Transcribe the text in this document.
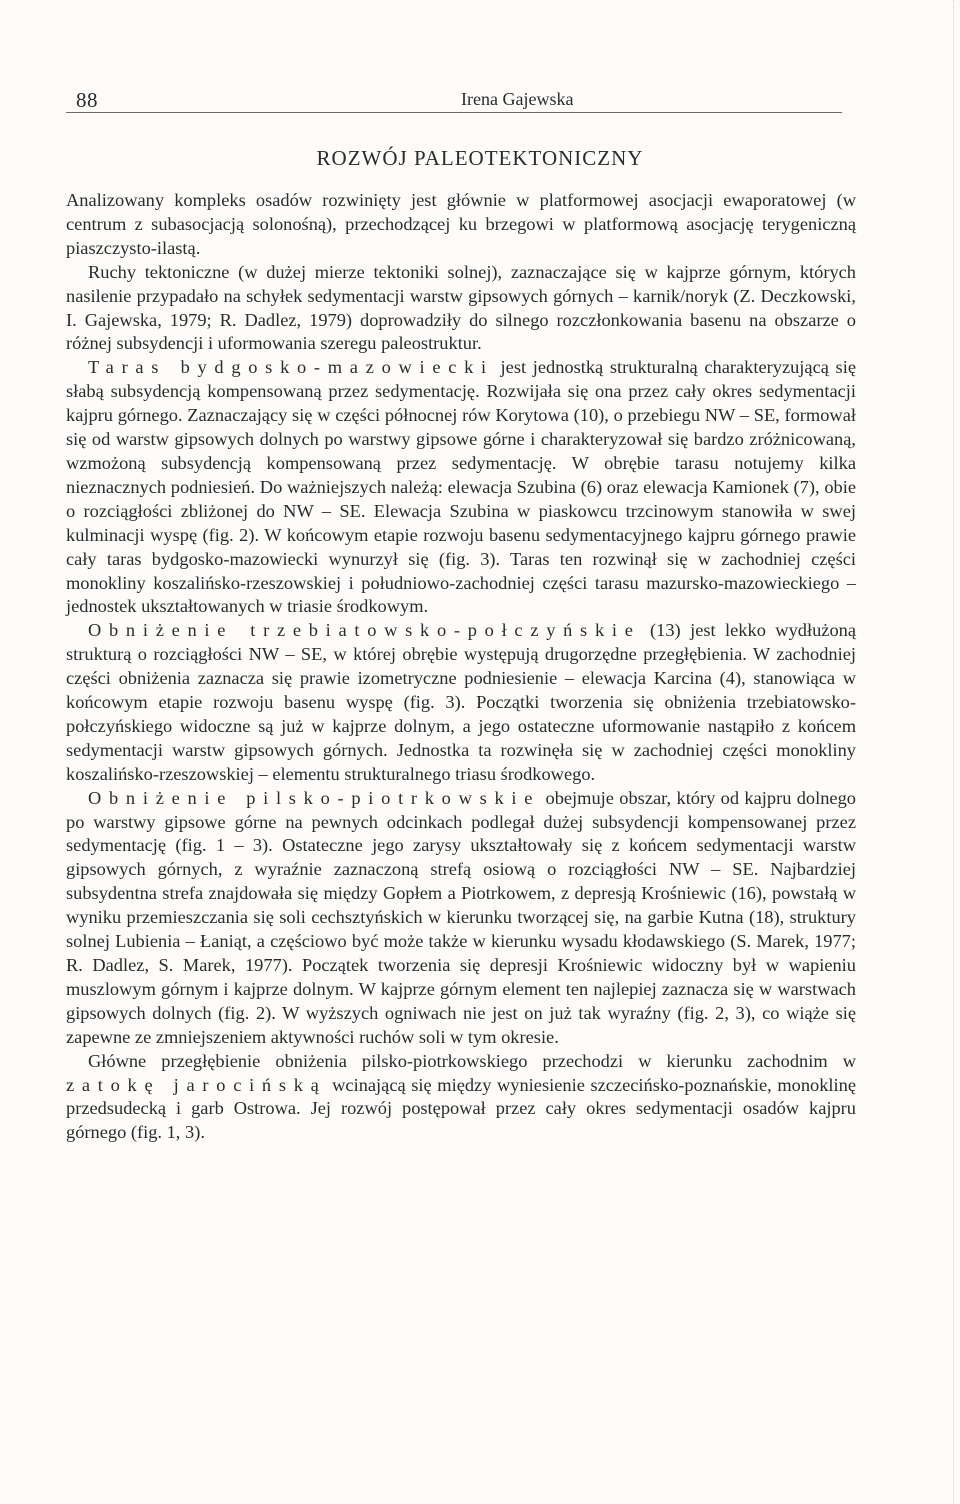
88	Irena Gajewska
ROZWÓJ PALEOTEKTONICZNY

Analizowany kompleks osadów rozwinięty jest głównie w platformowej asocjacji ewaporatowej (w centrum z subasocjacją solonośną), przechodzącej ku brzegowi w platformową asocjację terygeniczną piaszczysto-ilastą.

Ruchy tektoniczne (w dużej mierze tektoniki solnej), zaznaczające się w kajprze górnym, których nasilenie przypadało na schyłek sedymentacji warstw gipsowych górnych – karnik/noryk (Z. Deczkowski, I. Gajewska, 1979; R. Dadlez, 1979) doprowadziły do silnego rozczłonkowania basenu na obszarze o różnej subsydencji i uformowania szeregu paleostruktur.

Taras bydgosko-mazowiecki jest jednostką strukturalną charakteryzującą się słabą subsydencją kompensowaną przez sedymentację. Rozwijała się ona przez cały okres sedymentacji kajpru górnego. Zaznaczający się w części północnej rów Korytowa (10), o przebiegu NW – SE, formował się od warstw gipsowych dolnych po warstwy gipsowe górne i charakteryzował się bardzo zróżnicowaną, wzmożoną subsydencją kompensowaną przez sedymentację. W obrębie tarasu notujemy kilka nieznacznych podniesień. Do ważniejszych należą: elewacja Szubina (6) oraz elewacja Kamionek (7), obie o rozciągłości zbliżonej do NW – SE. Elewacja Szubina w piaskowcu trzcinowym stanowiła w swej kulminacji wyspę (fig. 2). W końcowym etapie rozwoju basenu sedymentacyjnego kajpru górnego prawie cały taras bydgosko-mazowiecki wynurzył się (fig. 3). Taras ten rozwinął się w zachodniej części monokliny koszalińsko-rzeszowskiej i południowo-zachodniej części tarasu mazursko-mazowieckiego – jednostek ukształtowanych w triasie środkowym.

Obniżenie trzebiatowsko-połczyńskie (13) jest lekko wydłużoną strukturą o rozciągłości NW – SE, w której obrębie występują drugorzędne przegłębienia. W zachodniej części obniżenia zaznacza się prawie izometryczne podniesienie – elewacja Karcina (4), stanowiąca w końcowym etapie rozwoju basenu wyspę (fig. 3). Początki tworzenia się obniżenia trzebiatowsko-połczyńskiego widoczne są już w kajprze dolnym, a jego ostateczne uformowanie nastąpiło z końcem sedymentacji warstw gipsowych górnych. Jednostka ta rozwinęła się w zachodniej części monokliny koszalińsko-rzeszowskiej – elementu strukturalnego triasu środkowego.

Obniżenie pilsko-piotrkowskie obejmuje obszar, który od kajpru dolnego po warstwy gipsowe górne na pewnych odcinkach podlegał dużej subsydencji kompensowanej przez sedymentację (fig. 1 – 3). Ostateczne jego zarysy ukształtowały się z końcem sedymentacji warstw gipsowych górnych, z wyraźnie zaznaczoną strefą osiową o rozciągłości NW – SE. Najbardziej subsydentna strefa znajdowała się między Gopłem a Piotrkowem, z depresją Krośniewic (16), powstałą w wyniku przemieszczania się soli cechsztyńskich w kierunku tworzącej się, na garbie Kutna (18), struktury solnej Lubienia – Łaniąt, a częściowo być może także w kierunku wysadu kłodawskiego (S. Marek, 1977; R. Dadlez, S. Marek, 1977). Początek tworzenia się depresji Krośniewic widoczny był w wapieniu muszlowym górnym i kajprze dolnym. W kajprze górnym element ten najlepiej zaznacza się w warstwach gipsowych dolnych (fig. 2). W wyższych ogniwach nie jest on już tak wyraźny (fig. 2, 3), co wiąże się zapewne ze zmniejszeniem aktywności ruchów soli w tym okresie.

Główne przegłębienie obniżenia pilsko-piotrkowskiego przechodzi w kierunku zachodnim w zatokę jarocińską wcinającą się między wyniesienie szczecińsko-poznańskie, monoklinę przedsudecką i garb Ostrowa. Jej rozwój postępował przez cały okres sedymentacji osadów kajpru górnego (fig. 1, 3).
